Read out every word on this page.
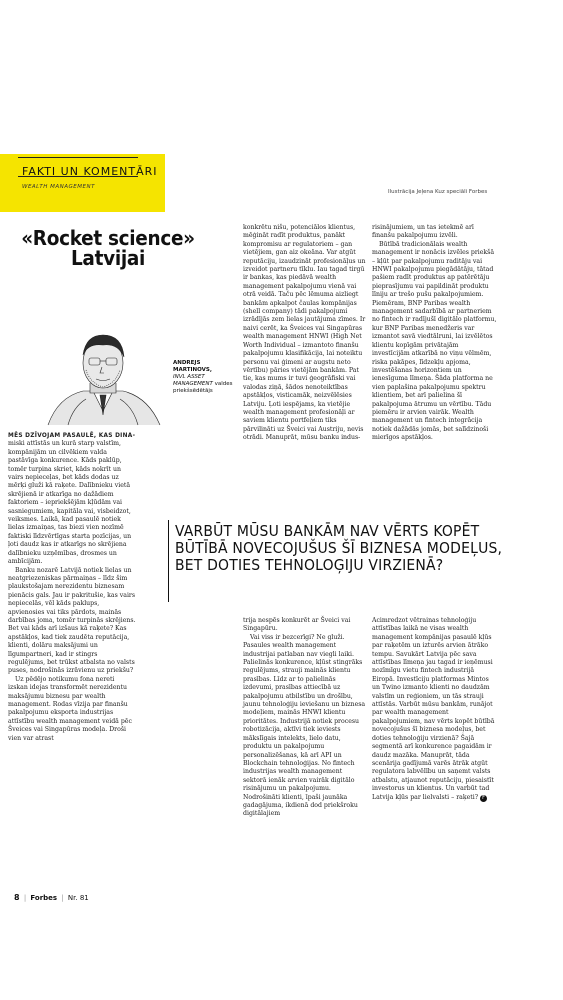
FAKTI UN KOMENTĀRI
WEALTH MANAGEMENT
Ilustrācija Jeļena Kuz speciāli Forbes
«Rocket science»
Latvijai
ANDREJS
MARTINOVS,
INVL ASSET MANAGEMENT valdes priekšsēdētājs

MĒS DZĪVOJAM PASAULĒ, KAS DINA-miski attīstās un kurā starp valstīm, kompānijām un cilvēkiem valda pastāvīga konkurence. Kāds paklūp, tomēr turpina skriet, kāds nokrīt un vairs nepieceļas, bet kāds dodas uz mērķi gluži kā raķete. Dalībnieku vietā skrējienā ir atkarīga no dažādiem faktoriem – iepriekšējām kļūdām vai sasniegumiem, kapitāla vai, visbeidzot, veiksmes. Laikā, kad pasaulē notiek lielas izmaiņas, tas biezi vien nozīmē faktiski līdzvērtīgas starta pozīcijas, un ļoti daudz kas ir atkarīgs no skrējiena dalībnieku uzņēmības, drosmes un ambīcijām.

Banku nozarē Latvijā notiek lielas un neatgriezeniskas pārmaiņas – līdz šim plaukstošajam nerezidentu biznesam pienācis gals. Jau ir pakritušie, kas vairs nepiecelās, vēl kāds paklups, apvienosies vai tiks pārdots, mainās darbības joma, tomēr turpinās skrējiens. Bet vai kāds arī izšaus kā raķete? Kas apstākļos, kad tiek zaudēta reputācija, klienti, dolāru maksājumi un līgumpartneri, kad ir stingrs regulējums, bet trūkst atbalsta no valsts puses, nodrošinās izrāvienu uz priekšu?

Uz pēdējo notikumu fona nereti izskan idejas transformēt nerezidentu maksājumu biznesu par wealth management. Rodas vīzija par finanšu pakalpojumu eksporta industrijas attīstību wealth management veidā pēc Šveices vai Singapūras modeļa. Droši vien var atrast

konkrētu nišu, potenciālos klientus, mēģināt radīt produktus, panākt kompromisu ar regulatoriem – gan vietējiem, gan aiz okeāna. Var atgūt reputāciju, izaudzināt profesionāļus un izveidot partneru tīklu. Iau tagad tirgū ir bankas, kas piedāvā wealth management pakalpojumu vienā vai otrā veidā. Taču pēc lēmuma aizliegt bankām apkalpot čaulas kompānijas (shell company) tādi pakalpojumi izrādījās zem lielas jautājuma zīmes. Ir naivi cerēt, ka Šveices vai Singapūras wealth management HNWI (High Net Worth Individual – izmantoto finanšu pakalpojumu klasifikācija, lai noteiktu personu vai ģimeni ar augstu neto vērtību) pāries vietējām bankām. Pat tie, kas mums ir tuvi ģeogrāfiski vai valodas ziņā, šādos nenoteiktības apstākļos, visticamāk, neizvēlēsies Latviju. Ļoti iespējams, ka vietējie wealth management profesionāļi ar saviem klientu portfeļiem tiks pārvilināti uz Šveici vai Austriju, nevis otrādi. Manuprāt, mūsu banku indus-

risinājumiem, un tas ietekmē arī finanšu pakalpojumu izvēli.

Būtībā tradicionālais wealth management ir nonācis izvēles priekšā – kļūt par pakalpojumu raditāju vai HNWI pakalpojumu piegādātāju, tātad pašiem radīt produktus ap patērētāju pieprasījumu vai papildināt produktu līniju ar trešo pušu pakalpojumiem. Piemēram, BNP Paribas wealth management sadarbībā ar partneriem no fintech ir radījušī digitālo platformu, kur BNP Paribas menedžeris var izmantot savā viedtālruni, lai izvēlētos klientu kopīgām privātajām investīcijām atkarībā no viņu vēlmēm, riska pakāpes, līdzekļu apjoma, investēšanas horizontiem un ienesīguma līmeņa. Šāda platforma ne vien paplašina pakalpojumu spektru klientiem, bet arī palielina šī pakalpojuma ātrumu un vērtību. Tādu piemēru ir arvien vairāk. Wealth management un fintech integrācija notiek dažādās jomās, bet salīdzinoši mierīgos apstākļos.

VARBŪT MŪSU BANKĀM NAV VĒRTS KOPĒT BŪTĪBĀ NOVECOJUŠUS ŠĪ BIZNESA MODEĻUS, BET DOTIES TEHNOLOĢIJU VIRZIENĀ?

trija nespēs konkurēt ar Šveici vai Singapūru.

Vai viss ir bezcerīgi? Ne gluži. Pasaules wealth management industrijai patlaban nav viegli laiki. Palielinās konkurence, kļūst stingrāks regulējums, strauji mainās klientu prasības. Līdz ar to palielinās izdevumi, prasības attiecībā uz pakalpojumu atbilstību un drošību, jaunu tehnoloģiju ieviešanu un biznesa modeļiem, mainās HNWI klientu prioritātes. Industrijā notiek procesu robotizācija, aktīvi tiek ieviests mākslīgais intelekts, lielo datu, produktu un pakalpojumu personalizēšanas, kā arī API un Blockchain tehnoloģijas. No fintech industrijas wealth management sektorā ienāk arvien vairāk digitālo risinājumu un pakalpojumu. Nodrošināti klienti, īpaši jaunāka gadagājuma, ikdienā dod priekšroku digitālajiem

Acimredzot vētrainas tehnoloģiju attīstības laikā ne visas wealth management kompānijas pasaulē kļūs par raķetēm un izturēs arvien ātrāko tempu. Savukārt Latvija pēc sava attīstības līmeņa jau tagad ir ieņēmusi nozīmīgu vietu fintech industrijā Eiropā. Investīciju platformas Mintos un Twino izmanto klienti no daudzām valstīm un reģioniem, un tās strauji attīstās. Varbūt mūsu bankām, runājot par wealth management pakalpojumiem, nav vērts kopēt būtībā novecojušus šī biznesa modeļus, bet doties tehnoloģiju virzienā? Šajā segmentā arī konkurence pagaidām ir daudz mazāka. Manuprāt, tāda scenārija gadījumā varēs ātrāk atgūt regulatora labvēlību un saņemt valsts atbalstu, atjaunot reputāciju, piesaistīt investorus un klientus. Un varbūt tad Latvija kļūs par lielvalsti – raķeti? F

8 | Forbes | Nr. 81
